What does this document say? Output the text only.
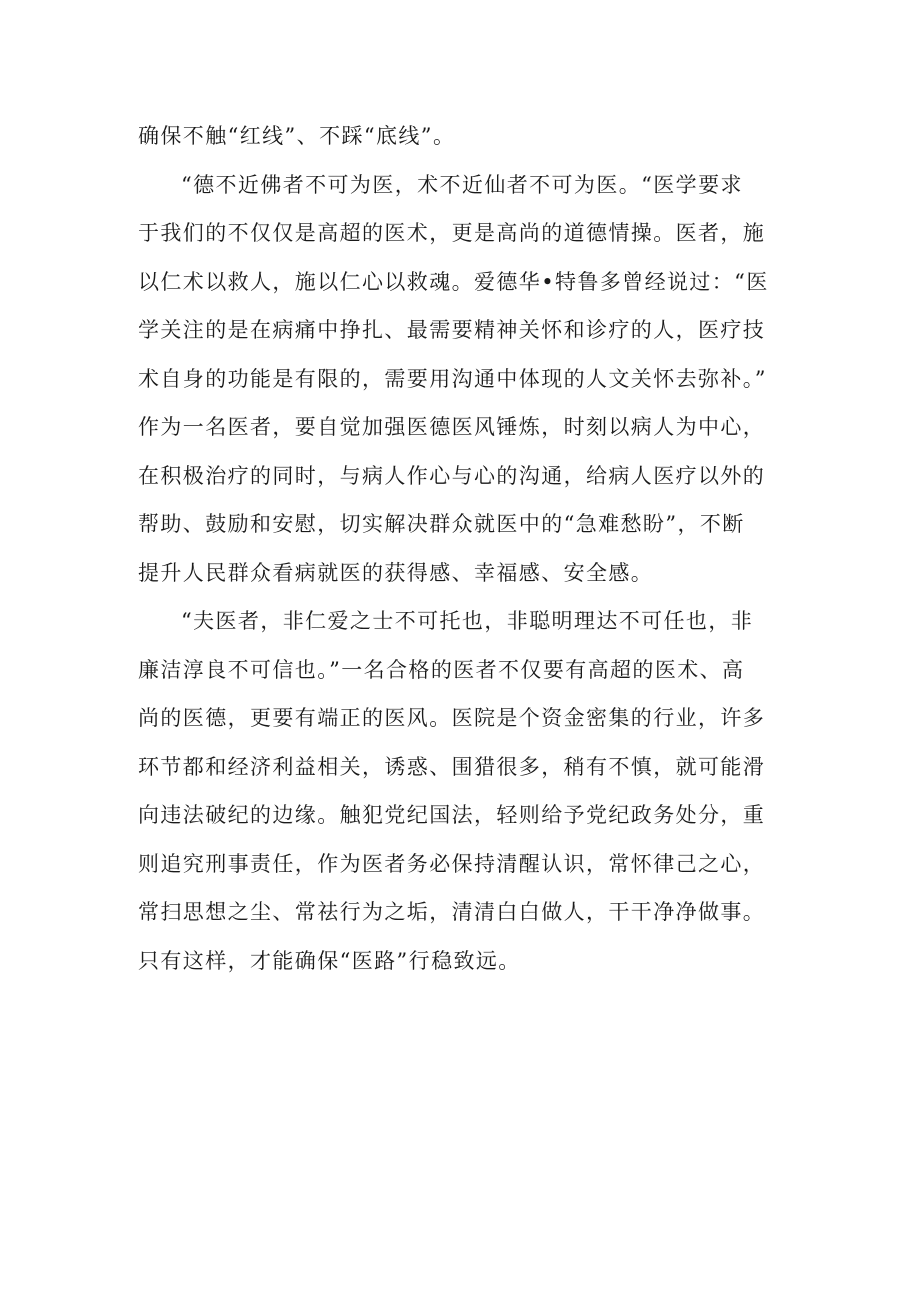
确保不触“红线”、不踩“底线”。
“德不近佛者不可为医，术不近仙者不可为医。“医学要求
于我们的不仅仅是高超的医术，更是高尚的道德情操。医者，施
以仁术以救人，施以仁心以救魂。爱德华•特鲁多曾经说过：“医
学关注的是在病痛中挣扎、最需要精神关怀和诊疗的人，医疗技
术自身的功能是有限的，需要用沟通中体现的人文关怀去弥补。”
作为一名医者，要自觉加强医德医风锤炼，时刻以病人为中心，
在积极治疗的同时，与病人作心与心的沟通，给病人医疗以外的
帮助、鼓励和安慰，切实解决群众就医中的“急难愁盼”，不断
提升人民群众看病就医的获得感、幸福感、安全感。
“夫医者，非仁爱之士不可托也，非聪明理达不可任也，非
廉洁淳良不可信也。”一名合格的医者不仅要有高超的医术、高
尚的医德，更要有端正的医风。医院是个资金密集的行业，许多
环节都和经济利益相关，诱惑、围猎很多，稍有不慎，就可能滑
向违法破纪的边缘。触犯党纪国法，轻则给予党纪政务处分，重
则追究刑事责任，作为医者务必保持清醒认识，常怀律己之心，
常扫思想之尘、常祛行为之垢，清清白白做人，干干净净做事。
只有这样，才能确保“医路”行稳致远。
